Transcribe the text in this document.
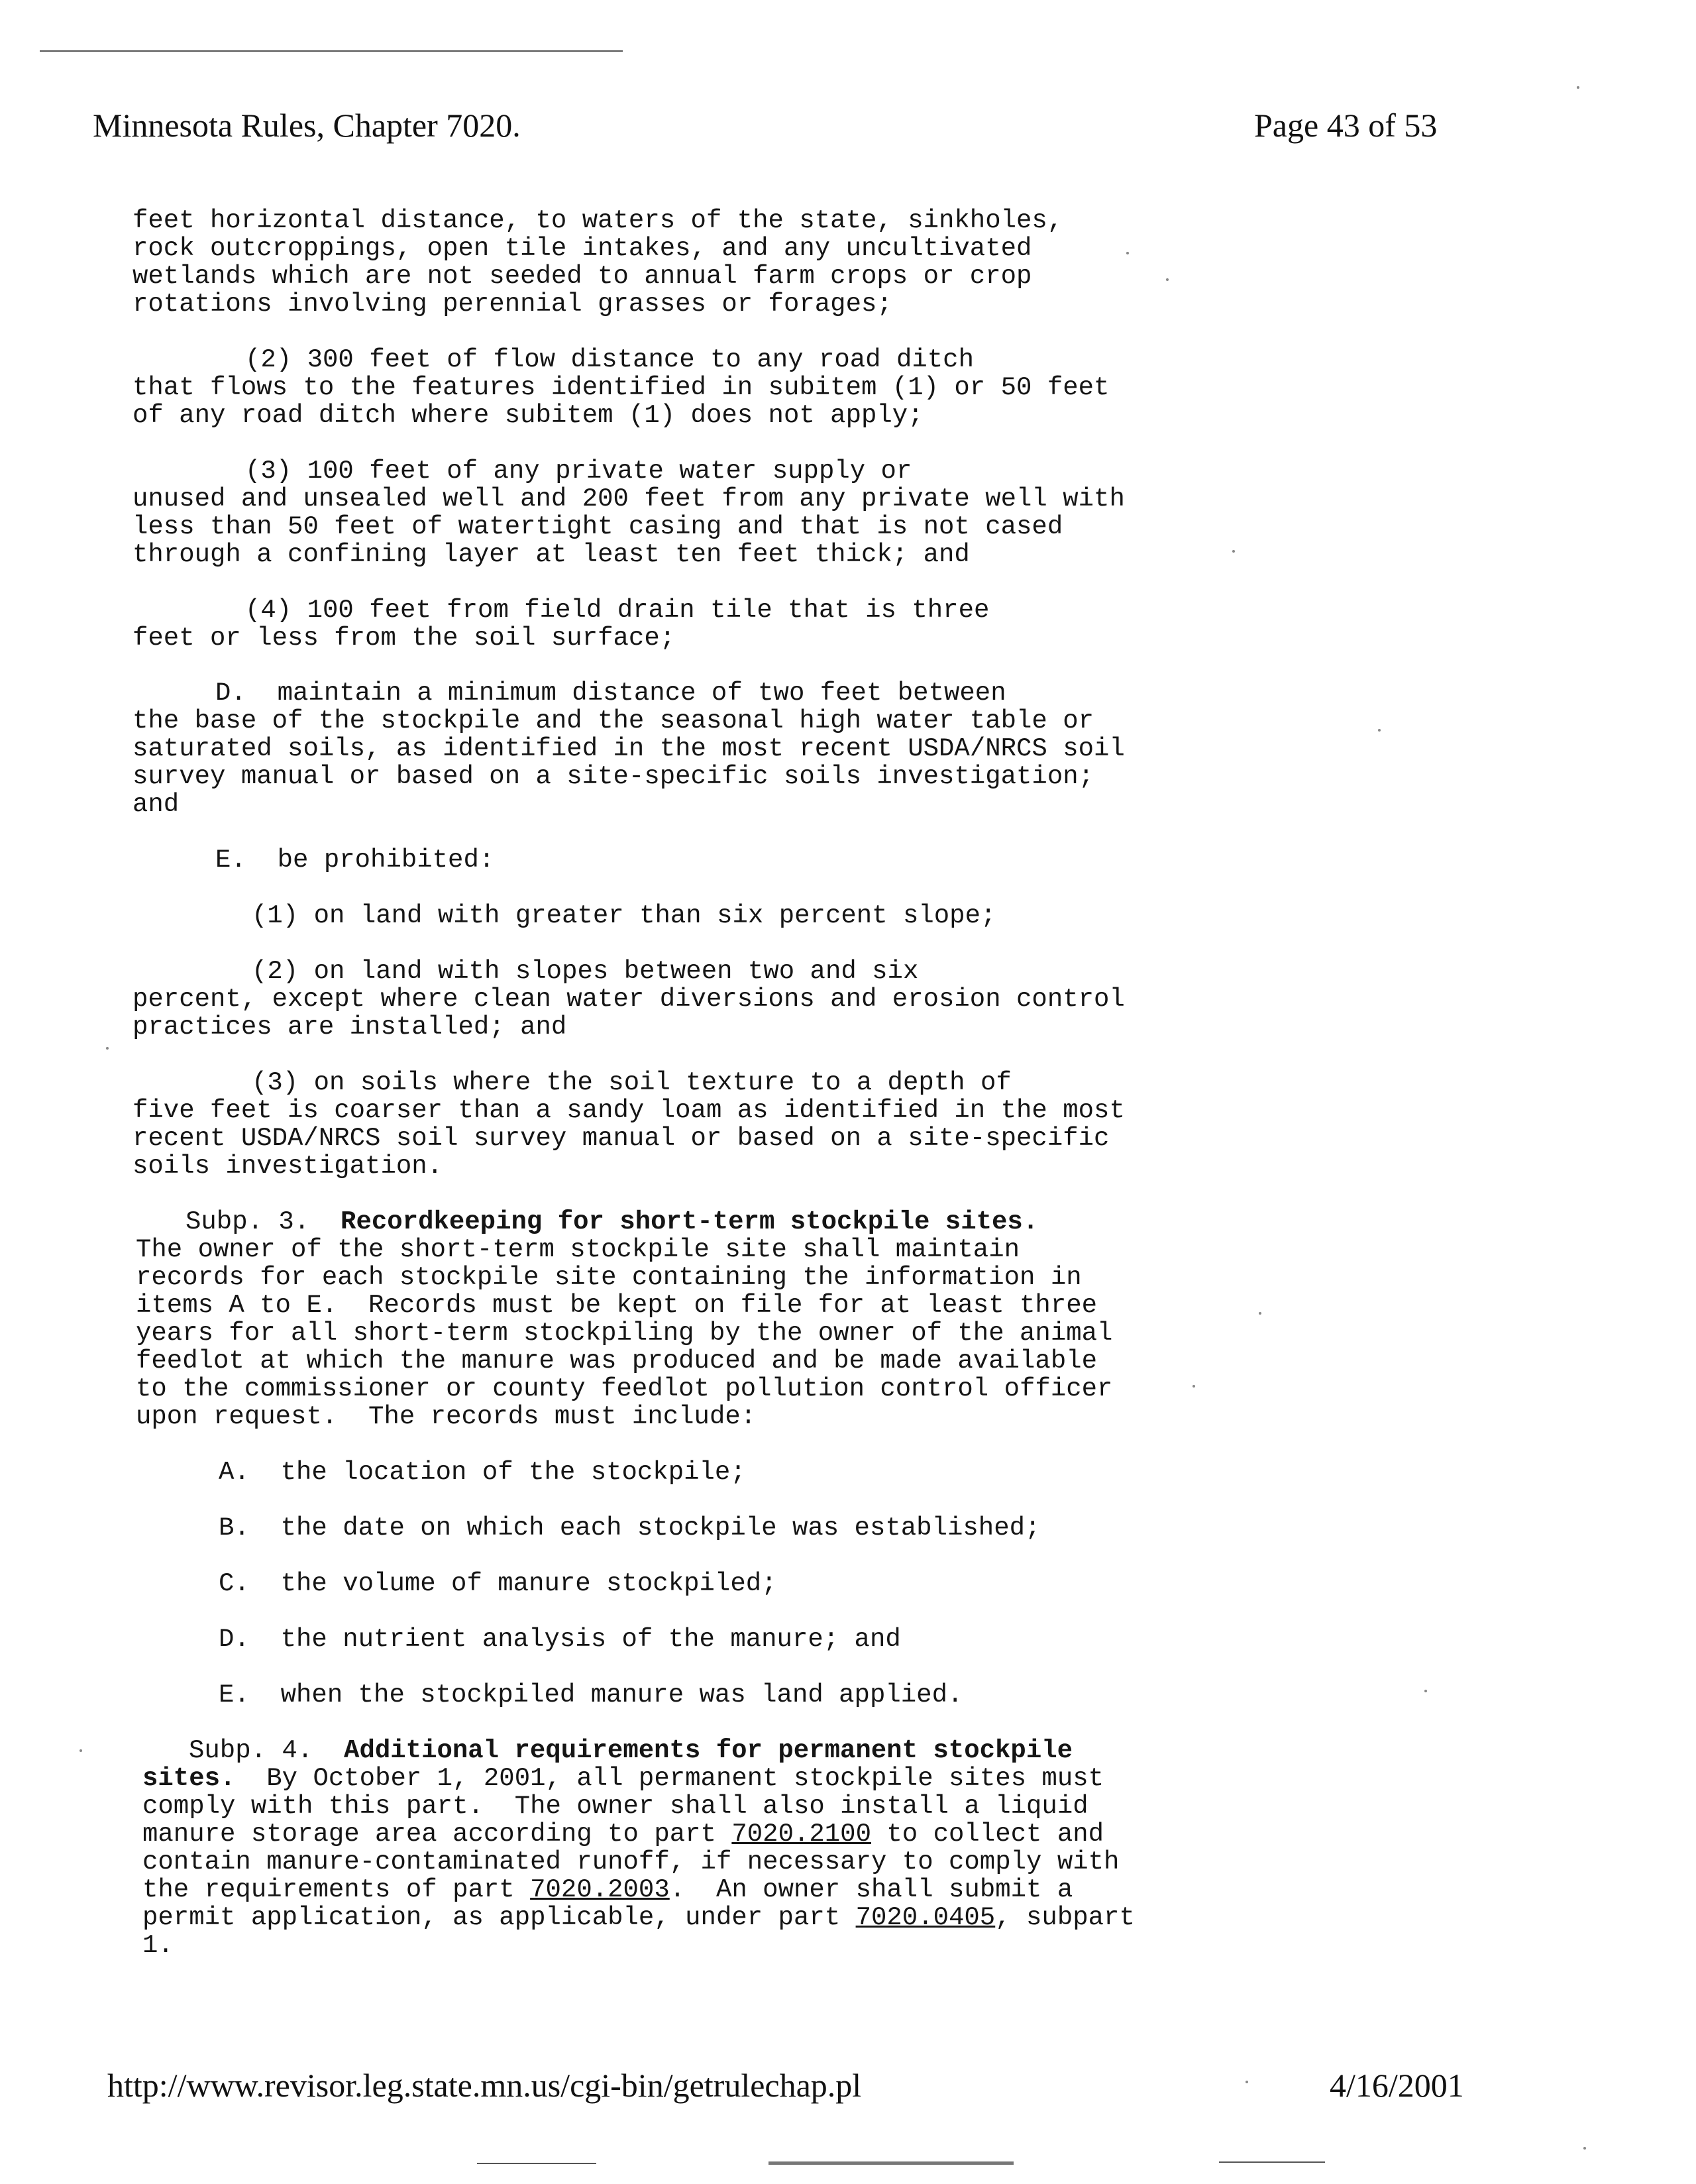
Minnesota Rules, Chapter 7020.	Page 43 of 53
feet horizontal distance, to waters of the state, sinkholes,
rock outcroppings, open tile intakes, and any uncultivated
wetlands which are not seeded to annual farm crops or crop
rotations involving perennial grasses or forages;
(2) 300 feet of flow distance to any road ditch
that flows to the features identified in subitem (1) or 50 feet
of any road ditch where subitem (1) does not apply;
(3) 100 feet of any private water supply or
unused and unsealed well and 200 feet from any private well with
less than 50 feet of watertight casing and that is not cased
through a confining layer at least ten feet thick; and
(4) 100 feet from field drain tile that is three
feet or less from the soil surface;
D.  maintain a minimum distance of two feet between
the base of the stockpile and the seasonal high water table or
saturated soils, as identified in the most recent USDA/NRCS soil
survey manual or based on a site-specific soils investigation;
and
E.  be prohibited:
(1) on land with greater than six percent slope;
(2) on land with slopes between two and six
percent, except where clean water diversions and erosion control
practices are installed; and
(3) on soils where the soil texture to a depth of
five feet is coarser than a sandy loam as identified in the most
recent USDA/NRCS soil survey manual or based on a site-specific
soils investigation.
Subp. 3.  Recordkeeping for short-term stockpile sites.
The owner of the short-term stockpile site shall maintain
records for each stockpile site containing the information in
items A to E.  Records must be kept on file for at least three
years for all short-term stockpiling by the owner of the animal
feedlot at which the manure was produced and be made available
to the commissioner or county feedlot pollution control officer
upon request.  The records must include:
A.  the location of the stockpile;
B.  the date on which each stockpile was established;
C.  the volume of manure stockpiled;
D.  the nutrient analysis of the manure; and
E.  when the stockpiled manure was land applied.
Subp. 4.  Additional requirements for permanent stockpile
sites.  By October 1, 2001, all permanent stockpile sites must
comply with this part.  The owner shall also install a liquid
manure storage area according to part 7020.2100 to collect and
contain manure-contaminated runoff, if necessary to comply with
the requirements of part 7020.2003.  An owner shall submit a
permit application, as applicable, under part 7020.0405, subpart
1.
http://www.revisor.leg.state.mn.us/cgi-bin/getrulechap.pl	4/16/2001
